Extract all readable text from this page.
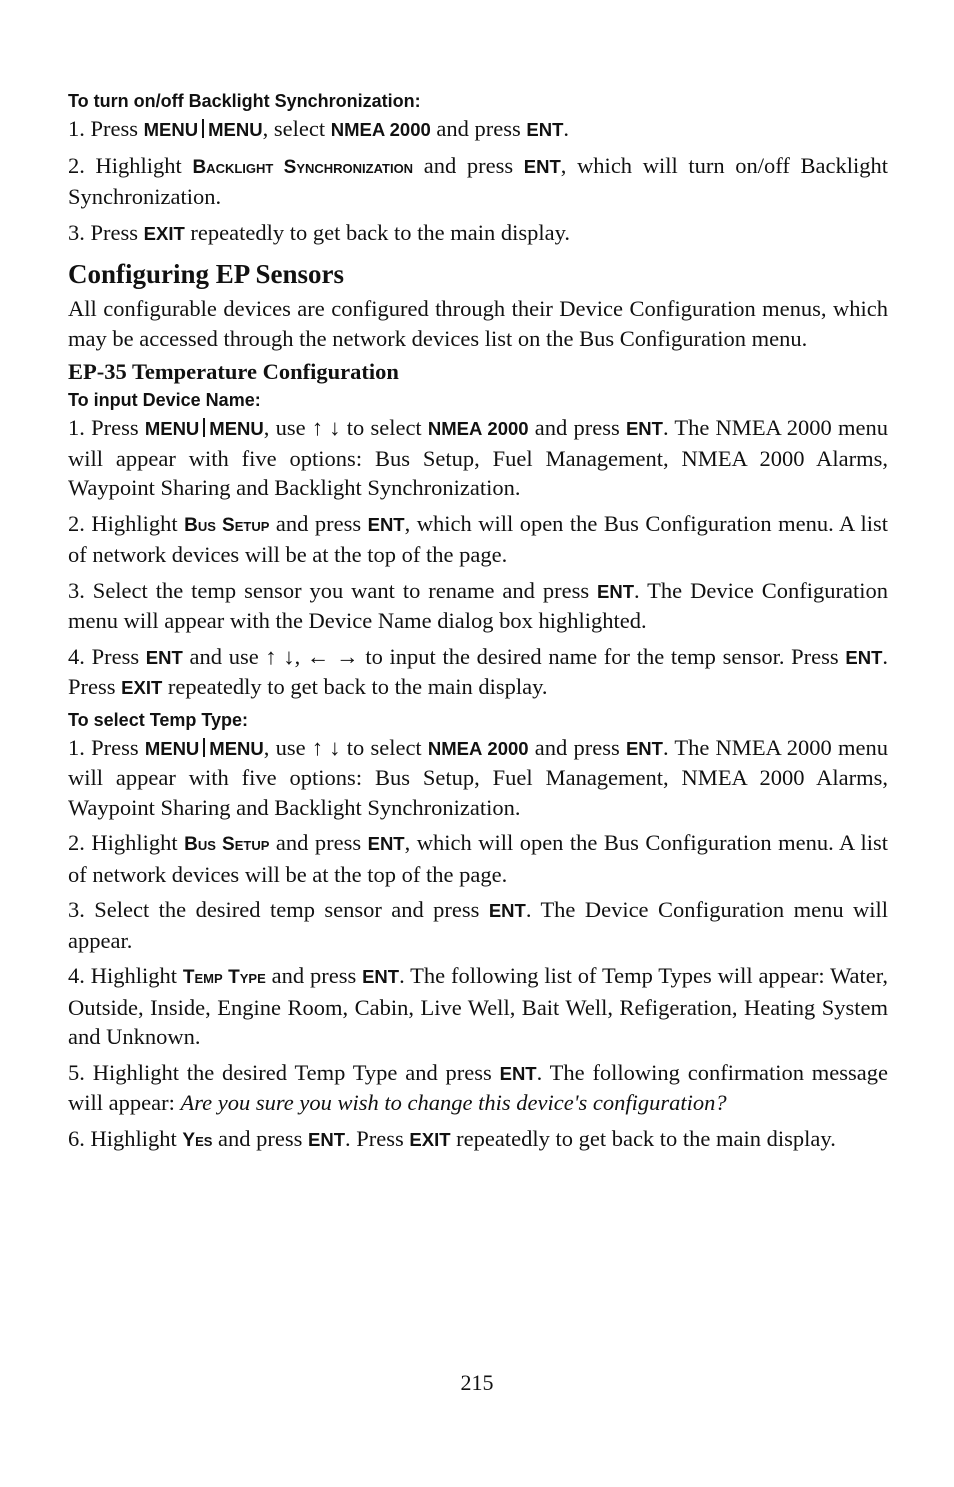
To turn on/off Backlight Synchronization:

1. Press MENU MENU, select NMEA 2000 and press ENT.

2. Highlight Backlight Synchronization and press ENT, which will turn on/off Backlight Synchronization.

3. Press EXIT repeatedly to get back to the main display.

Configuring EP Sensors

All configurable devices are configured through their Device Configuration menus, which may be accessed through the network devices list on the Bus Configuration menu.

EP-35 Temperature Configuration
To input Device Name:

1. Press MENU MENU, use ↑ ↓ to select NMEA 2000 and press ENT. The NMEA 2000 menu will appear with five options: Bus Setup, Fuel Management, NMEA 2000 Alarms, Waypoint Sharing and Backlight Synchronization.

2. Highlight Bus Setup and press ENT, which will open the Bus Configuration menu. A list of network devices will be at the top of the page.

3. Select the temp sensor you want to rename and press ENT. The Device Configuration menu will appear with the Device Name dialog box highlighted.

4. Press ENT and use ↑ ↓, ← → to input the desired name for the temp sensor. Press ENT. Press EXIT repeatedly to get back to the main display.

To select Temp Type:

1. Press MENU MENU, use ↑ ↓ to select NMEA 2000 and press ENT. The NMEA 2000 menu will appear with five options: Bus Setup, Fuel Management, NMEA 2000 Alarms, Waypoint Sharing and Backlight Synchronization.

2. Highlight Bus Setup and press ENT, which will open the Bus Configuration menu. A list of network devices will be at the top of the page.

3. Select the desired temp sensor and press ENT. The Device Configuration menu will appear.

4. Highlight Temp Type and press ENT. The following list of Temp Types will appear: Water, Outside, Inside, Engine Room, Cabin, Live Well, Bait Well, Refigeration, Heating System and Unknown.

5. Highlight the desired Temp Type and press ENT. The following confirmation message will appear: Are you sure you wish to change this device's configuration?

6. Highlight Yes and press ENT. Press EXIT repeatedly to get back to the main display.

215
